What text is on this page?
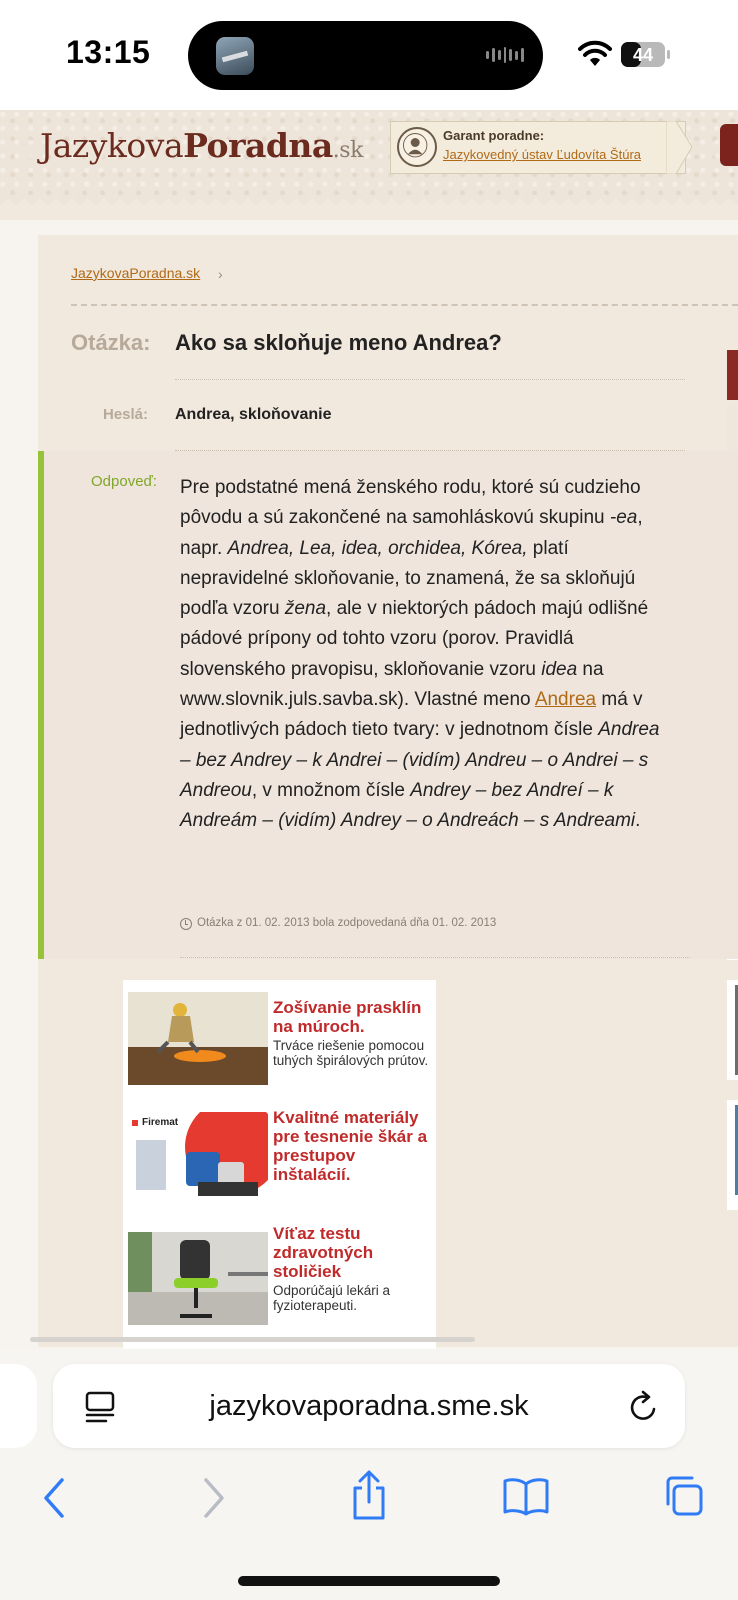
13:15	44
JazykovaPoradna.sk
Garant poradne:
Jazykovedný ústav Ľudovíta Štúra
JazykovaPoradna.sk ›
Otázka: Ako sa skloňuje meno Andrea?
Heslá: Andrea, skloňovanie
Odpoveď: Pre podstatné mená ženského rodu, ktoré sú cudzieho pôvodu a sú zakončené na samohláskovú skupinu -ea, napr. Andrea, Lea, idea, orchidea, Kórea, platí nepravidelné skloňovanie, to znamená, že sa skloňujú podľa vzoru žena, ale v niektorých pádoch majú odlišné pádové prípony od tohto vzoru (porov. Pravidlá slovenského pravopisu, skloňovanie vzoru idea na www.slovnik.juls.savba.sk). Vlastné meno Andrea má v jednotlivých pádoch tieto tvary: v jednotnom čísle Andrea – bez Andrey – k Andrei – (vidím) Andreu – o Andrei – s Andreou, v množnom čísle Andrey – bez Andreí – k Andreám – (vidím) Andrey – o Andreách – s Andreami.
Otázka z 01. 02. 2013 bola zodpovedaná dňa 01. 02. 2013
Zošívanie prasklín na múroch.
Trváce riešenie pomocou tuhých špirálových prútov.
Firemat	Kvalitné materiály pre tesnenie škár a prestupov inštalácií.
Víťaz testu zdravotných stoličiek
Odporúčajú lekári a fyzioterapeuti.
jazykovaporadna.sme.sk
